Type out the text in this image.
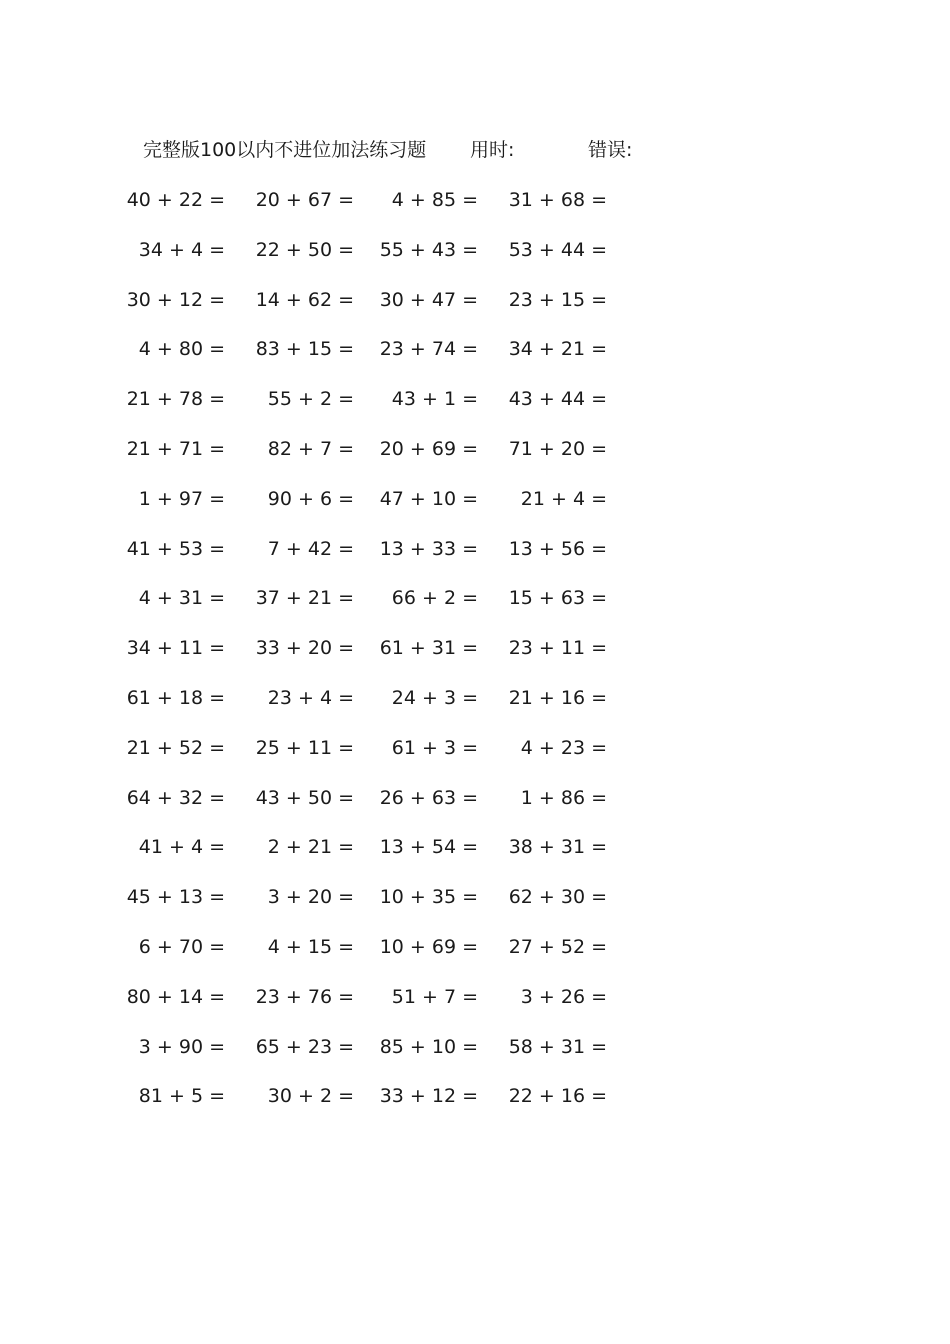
完整版100以内不进位加法练习题 用时:	错误:
40 + 22 =	20 + 67 =	4 + 85 =	31 + 68 =
34 + 4 =	22 + 50 =	55 + 43 =	53 + 44 =
30 + 12 =	14 + 62 =	30 + 47 =	23 + 15 =
4 + 80 =	83 + 15 =	23 + 74 =	34 + 21 =
21 + 78 =	55 + 2 =	43 + 1 =	43 + 44 =
21 + 71 =	82 + 7 =	20 + 69 =	71 + 20 =
1 + 97 =	90 + 6 =	47 + 10 =	21 + 4 =
41 + 53 =	7 + 42 =	13 + 33 =	13 + 56 =
4 + 31 =	37 + 21 =	66 + 2 =	15 + 63 =
34 + 11 =	33 + 20 =	61 + 31 =	23 + 11 =
61 + 18 =	23 + 4 =	24 + 3 =	21 + 16 =
21 + 52 =	25 + 11 =	61 + 3 =	4 + 23 =
64 + 32 =	43 + 50 =	26 + 63 =	1 + 86 =
41 + 4 =	2 + 21 =	13 + 54 =	38 + 31 =
45 + 13 =	3 + 20 =	10 + 35 =	62 + 30 =
6 + 70 =	4 + 15 =	10 + 69 =	27 + 52 =
80 + 14 =	23 + 76 =	51 + 7 =	3 + 26 =
3 + 90 =	65 + 23 =	85 + 10 =	58 + 31 =
81 + 5 =	30 + 2 =	33 + 12 =	22 + 16 =
